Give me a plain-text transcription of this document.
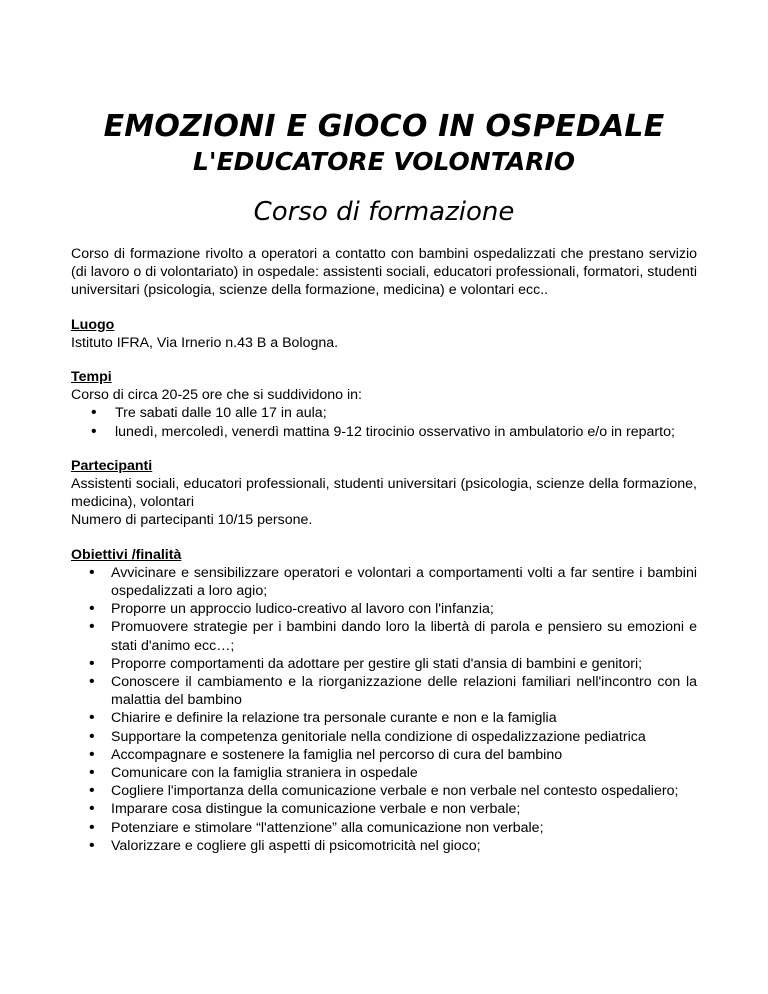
EMOZIONI E GIOCO IN OSPEDALE

L'EDUCATORE VOLONTARIO

Corso di formazione

Corso di formazione rivolto a operatori a contatto con bambini ospedalizzati che prestano servizio (di lavoro o di volontariato) in ospedale: assistenti sociali, educatori professionali, formatori, studenti universitari (psicologia, scienze della formazione, medicina) e volontari ecc..

Luogo

Istituto IFRA, Via Irnerio n.43 B a Bologna.

Tempi

Corso di circa 20-25 ore che si suddividono in:

• Tre sabati dalle 10 alle 17 in aula;
• lunedì, mercoledì, venerdì mattina 9-12 tirocinio osservativo in ambulatorio e/o in reparto;

Partecipanti

Assistenti sociali, educatori professionali, studenti universitari (psicologia, scienze della formazione, medicina), volontari

Numero di partecipanti 10/15 persone.

Obiettivi /finalità

• Avvicinare e sensibilizzare operatori e volontari a comportamenti volti a far sentire i bambini ospedalizzati a loro agio;
• Proporre un approccio ludico-creativo al lavoro con l'infanzia;
• Promuovere strategie per i bambini dando loro la libertà di parola e pensiero su emozioni e stati d'animo ecc…;
• Proporre comportamenti da adottare per gestire gli stati d'ansia di bambini e genitori;
• Conoscere il cambiamento e la riorganizzazione delle relazioni familiari nell'incontro con la malattia del bambino
• Chiarire e definire la relazione tra personale curante e non e la famiglia
• Supportare la competenza genitoriale nella condizione di ospedalizzazione pediatrica
• Accompagnare e sostenere la famiglia nel percorso di cura del bambino
• Comunicare con la famiglia straniera in ospedale
• Cogliere l'importanza della comunicazione verbale e non verbale nel contesto ospedaliero;
• Imparare cosa distingue la comunicazione verbale e non verbale;
• Potenziare e stimolare “l'attenzione” alla comunicazione non verbale;
• Valorizzare e cogliere gli aspetti di psicomotricità nel gioco;
